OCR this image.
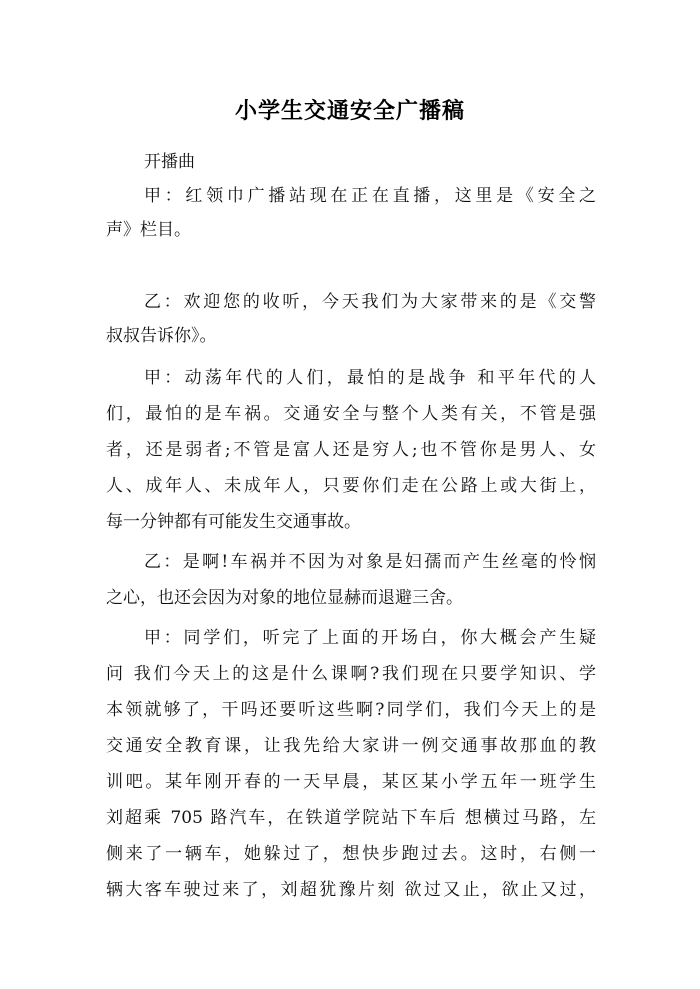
小学生交通安全广播稿
开播曲
甲：红领巾广播站现在正在直播，这里是《安全之
声》栏目。
乙：欢迎您的收听，今天我们为大家带来的是《交警
叔叔告诉你》。
甲：动荡年代的人们，最怕的是战争 和平年代的人
们，最怕的是车祸。交通安全与整个人类有关，不管是强
者，还是弱者;不管是富人还是穷人;也不管你是男人、女
人、成年人、未成年人，只要你们走在公路上或大街上，
每一分钟都有可能发生交通事故。
乙：是啊!车祸并不因为对象是妇孺而产生丝毫的怜悯
之心，也还会因为对象的地位显赫而退避三舍。
甲：同学们，听完了上面的开场白，你大概会产生疑
问 我们今天上的这是什么课啊?我们现在只要学知识、学
本领就够了，干吗还要听这些啊?同学们，我们今天上的是
交通安全教育课，让我先给大家讲一例交通事故那血的教
训吧。某年刚开春的一天早晨，某区某小学五年一班学生
刘超乘 705 路汽车，在铁道学院站下车后 想横过马路，左
侧来了一辆车，她躲过了，想快步跑过去。这时，右侧一
辆大客车驶过来了，刘超犹豫片刻 欲过又止，欲止又过，
